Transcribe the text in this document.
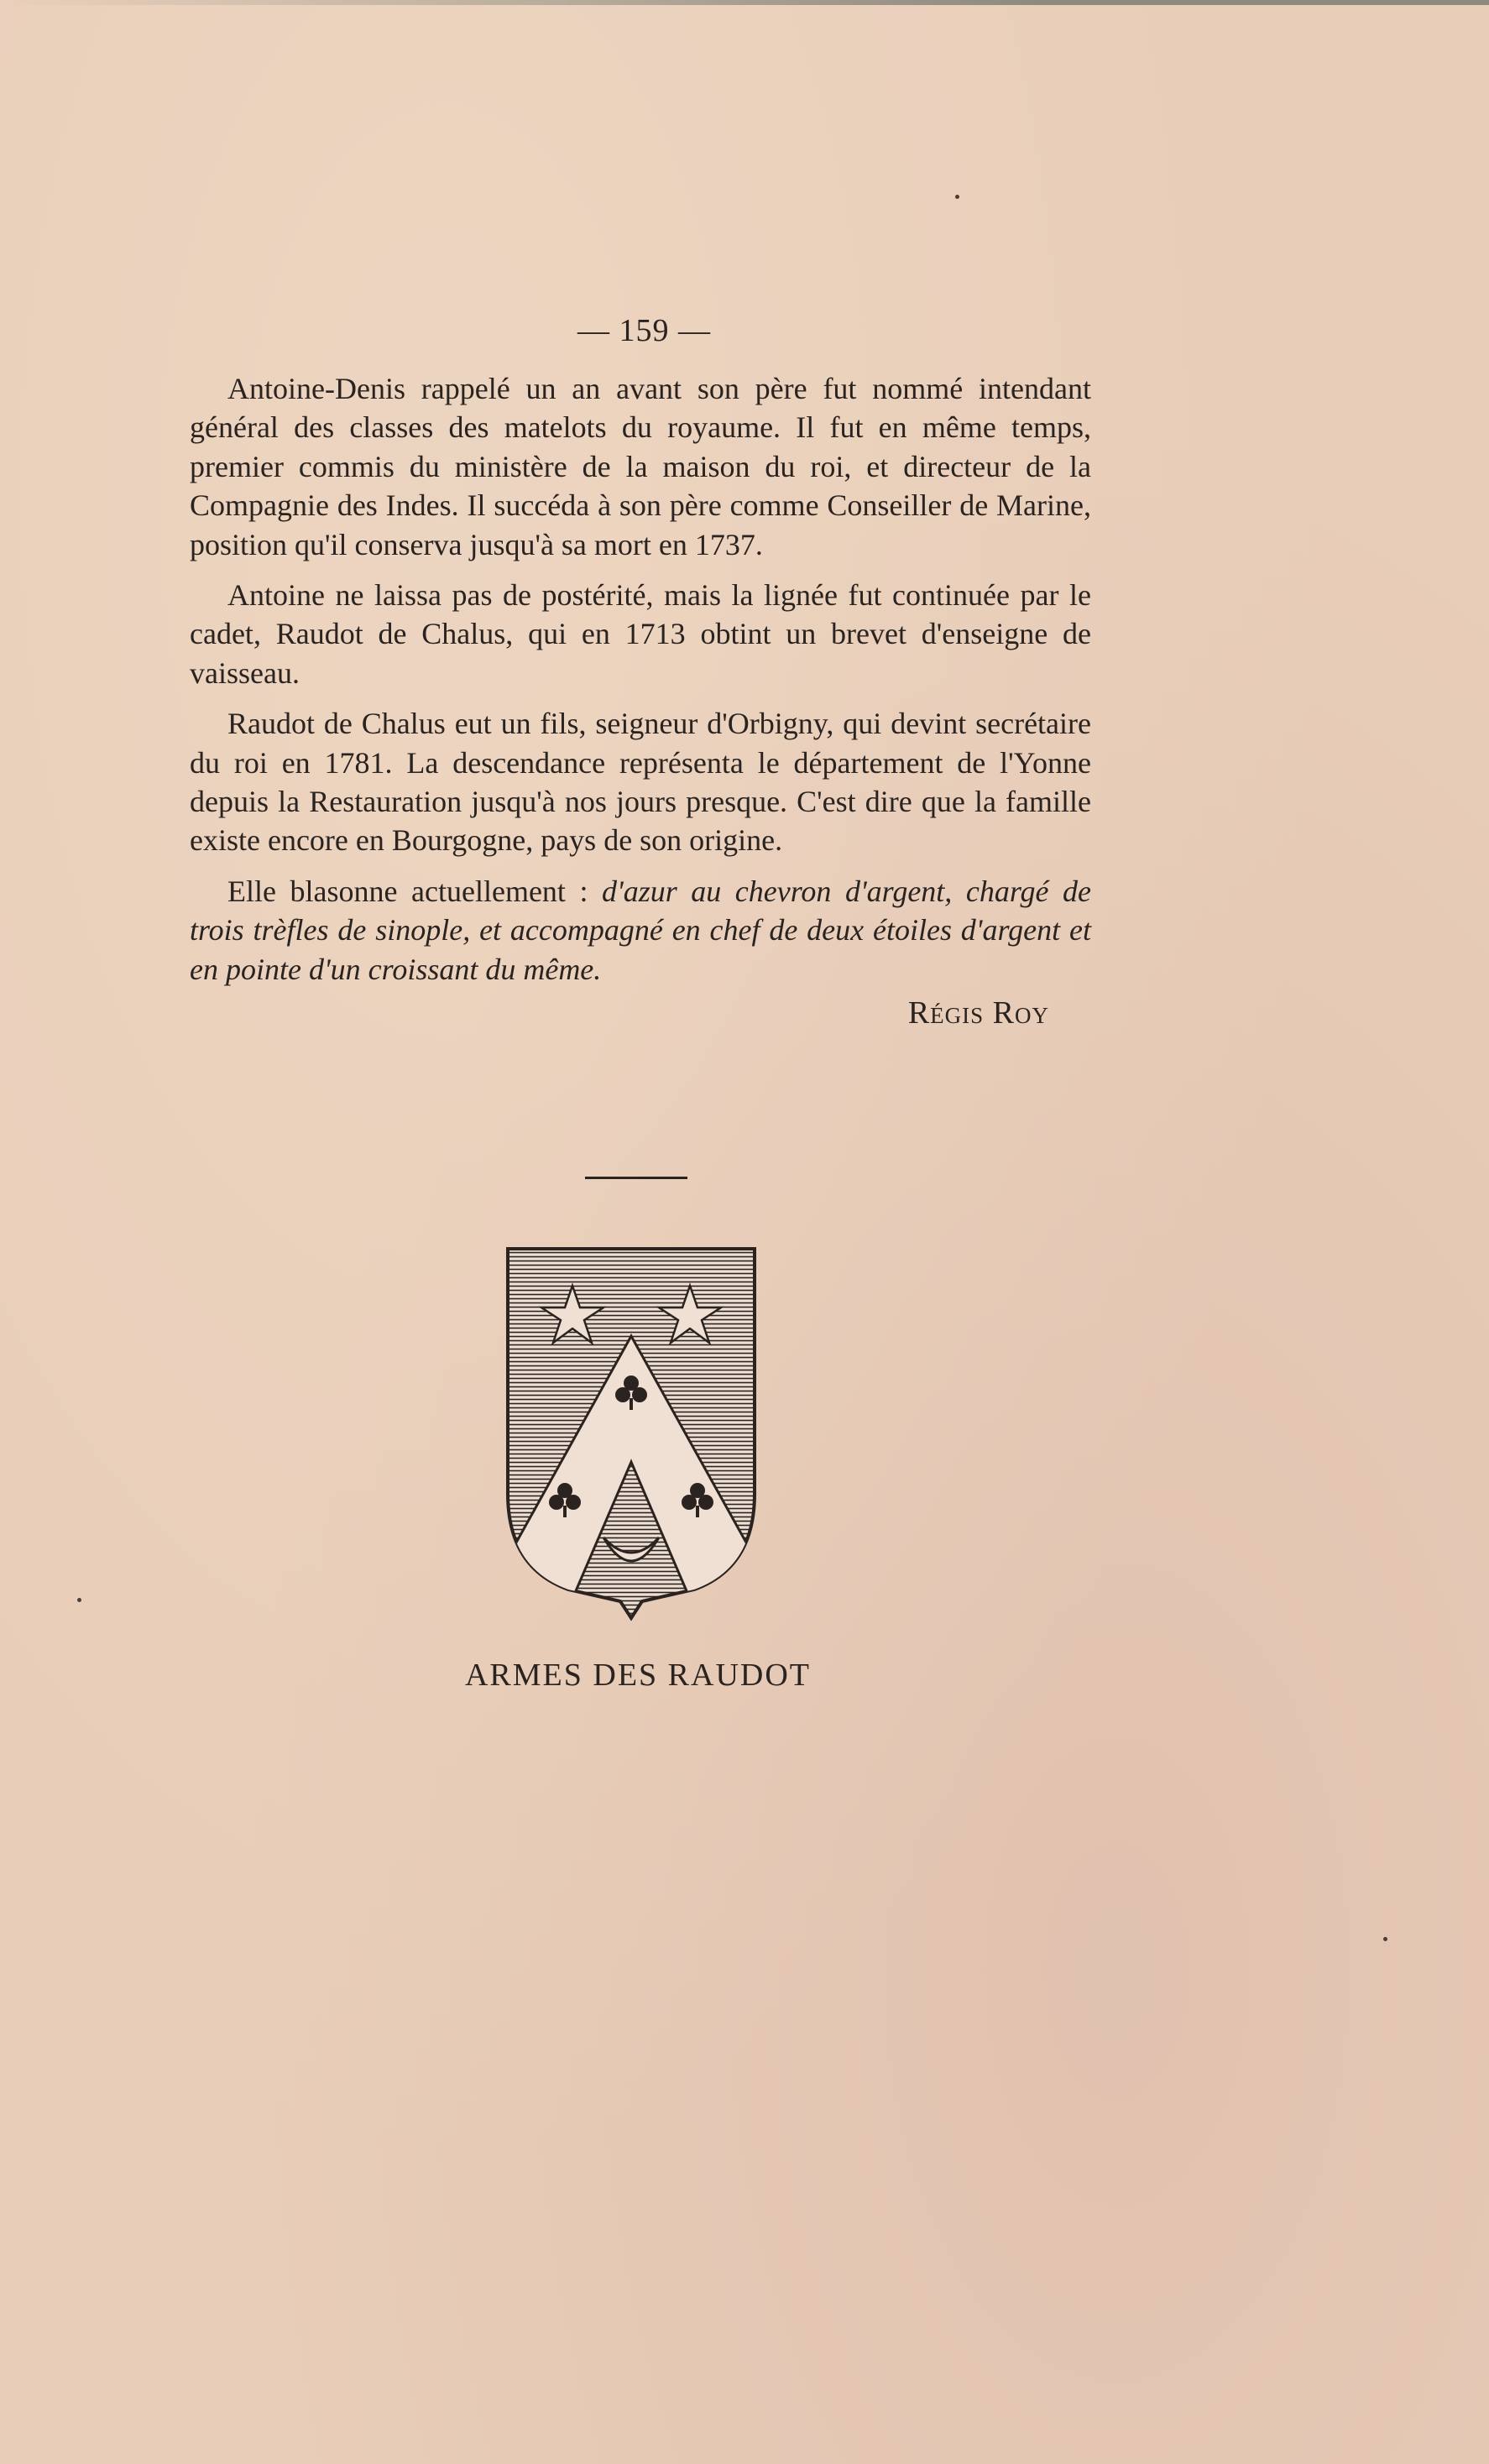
— 159 —

Antoine-Denis rappelé un an avant son père fut nommé intendant général des classes des matelots du royaume. Il fut en même temps, premier commis du ministère de la maison du roi, et directeur de la Compagnie des Indes. Il succéda à son père comme Conseiller de Marine, position qu'il conserva jusqu'à sa mort en 1737.

Antoine ne laissa pas de postérité, mais la lignée fut continuée par le cadet, Raudot de Chalus, qui en 1713 obtint un brevet d'enseigne de vaisseau.

Raudot de Chalus eut un fils, seigneur d'Orbigny, qui devint secrétaire du roi en 1781. La descendance représenta le département de l'Yonne depuis la Restauration jusqu'à nos jours presque. C'est dire que la famille existe encore en Bourgogne, pays de son origine.

Elle blasonne actuellement : d'azur au chevron d'argent, chargé de trois trèfles de sinople, et accompagné en chef de deux étoiles d'argent et en pointe d'un croissant du même.

Régis Roy
ARMES DES RAUDOT
